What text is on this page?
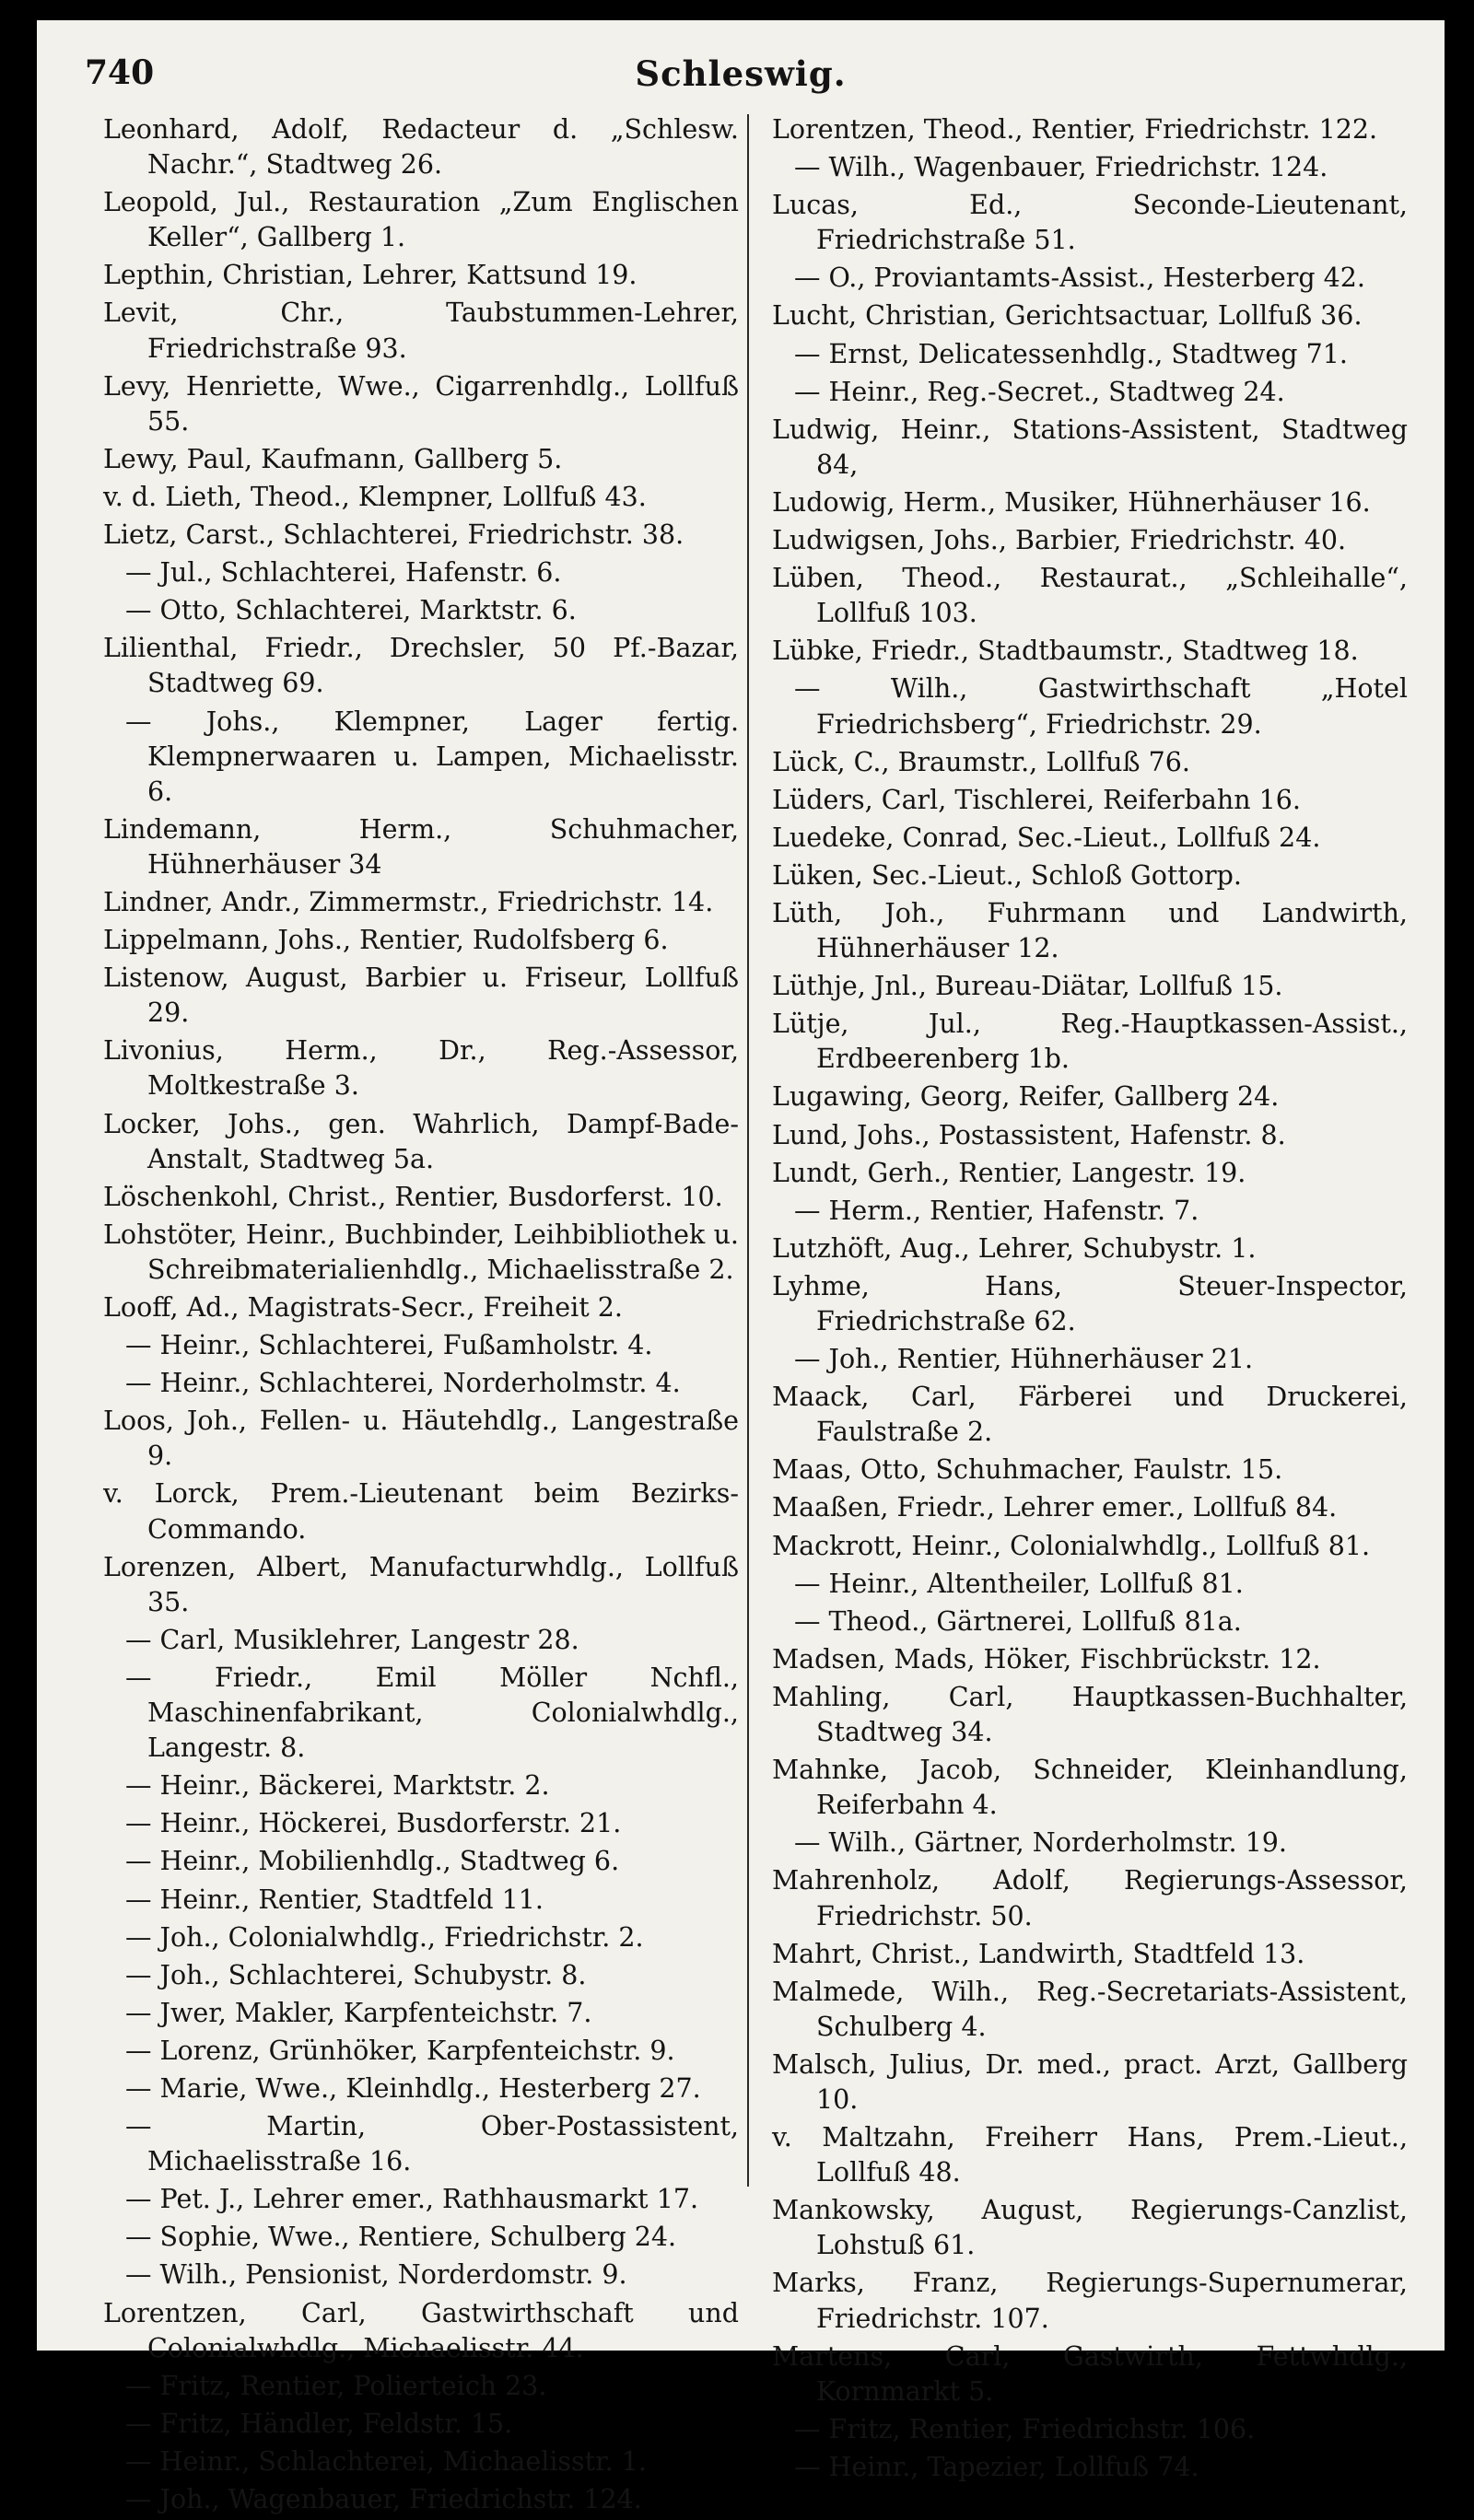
740	Schleswig.
Leonhard, Adolf, Redacteur d. „Schlesw. Nachr.“, Stadtweg 26.
Leopold, Jul., Restauration „Zum Englischen Keller“, Gallberg 1.
Lepthin, Christian, Lehrer, Kattsund 19.
Levit, Chr., Taubstummen-Lehrer, Friedrichstraße 93.
Levy, Henriette, Wwe., Cigarrenhdlg., Lollfuß 55.
Lewy, Paul, Kaufmann, Gallberg 5.
v. d. Lieth, Theod., Klempner, Lollfuß 43.
Lietz, Carst., Schlachterei, Friedrichstr. 38.
— Jul., Schlachterei, Hafenstr. 6.
— Otto, Schlachterei, Marktstr. 6.
Lilienthal, Friedr., Drechsler, 50 Pf.-Bazar, Stadtweg 69.
— Johs., Klempner, Lager fertig. Klempnerwaaren u. Lampen, Michaelisstr. 6.
Lindemann, Herm., Schuhmacher, Hühnerhäuser 34
Lindner, Andr., Zimmermstr., Friedrichstr. 14.
Lippelmann, Johs., Rentier, Rudolfsberg 6.
Listenow, August, Barbier u. Friseur, Lollfuß 29.
Livonius, Herm., Dr., Reg.-Assessor, Moltkestraße 3.
Locker, Johs., gen. Wahrlich, Dampf-Bade-Anstalt, Stadtweg 5a.
Löschenkohl, Christ., Rentier, Busdorferst. 10.
Lohstöter, Heinr., Buchbinder, Leihbibliothek u. Schreibmaterialienhdlg., Michaelisstraße 2.
Looff, Ad., Magistrats-Secr., Freiheit 2.
— Heinr., Schlachterei, Fußamholstr. 4.
— Heinr., Schlachterei, Norderholmstr. 4.
Loos, Joh., Fellen- u. Häutehdlg., Langestraße 9.
v. Lorck, Prem.-Lieutenant beim Bezirks-Commando.
Lorenzen, Albert, Manufacturwhdlg., Lollfuß 35.
— Carl, Musiklehrer, Langestr 28.
— Friedr., Emil Möller Nchfl., Maschinenfabrikant, Colonialwhdlg., Langestr. 8.
— Heinr., Bäckerei, Marktstr. 2.
— Heinr., Höckerei, Busdorferstr. 21.
— Heinr., Mobilienhdlg., Stadtweg 6.
— Heinr., Rentier, Stadtfeld 11.
— Joh., Colonialwhdlg., Friedrichstr. 2.
— Joh., Schlachterei, Schubystr. 8.
— Jwer, Makler, Karpfenteichstr. 7.
— Lorenz, Grünhöker, Karpfenteichstr. 9.
— Marie, Wwe., Kleinhdlg., Hesterberg 27.
— Martin, Ober-Postassistent, Michaelisstraße 16.
— Pet. J., Lehrer emer., Rathhausmarkt 17.
— Sophie, Wwe., Rentiere, Schulberg 24.
— Wilh., Pensionist, Norderdomstr. 9.
Lorentzen, Carl, Gastwirthschaft und Colonialwhdlg., Michaelisstr. 44.
— Fritz, Rentier, Polierteich 23.
— Fritz, Händler, Feldstr. 15.
— Heinr., Schlachterei, Michaelisstr. 1.
— Joh., Wagenbauer, Friedrichstr. 124.
Lorentzen, Theod., Rentier, Friedrichstr. 122.
— Wilh., Wagenbauer, Friedrichstr. 124.
Lucas, Ed., Seconde-Lieutenant, Friedrichstraße 51.
— O., Proviantamts-Assist., Hesterberg 42.
Lucht, Christian, Gerichtsactuar, Lollfuß 36.
— Ernst, Delicatessenhdlg., Stadtweg 71.
— Heinr., Reg.-Secret., Stadtweg 24.
Ludwig, Heinr., Stations-Assistent, Stadtweg 84,
Ludowig, Herm., Musiker, Hühnerhäuser 16.
Ludwigsen, Johs., Barbier, Friedrichstr. 40.
Lüben, Theod., Restaurat., „Schleihalle“, Lollfuß 103.
Lübke, Friedr., Stadtbaumstr., Stadtweg 18.
— Wilh., Gastwirthschaft „Hotel Friedrichsberg“, Friedrichstr. 29.
Lück, C., Braumstr., Lollfuß 76.
Lüders, Carl, Tischlerei, Reiferbahn 16.
Luedeke, Conrad, Sec.-Lieut., Lollfuß 24.
Lüken, Sec.-Lieut., Schloß Gottorp.
Lüth, Joh., Fuhrmann und Landwirth, Hühnerhäuser 12.
Lüthje, Jnl., Bureau-Diätar, Lollfuß 15.
Lütje, Jul., Reg.-Hauptkassen-Assist., Erdbeerenberg 1b.
Lugawing, Georg, Reifer, Gallberg 24.
Lund, Johs., Postassistent, Hafenstr. 8.
Lundt, Gerh., Rentier, Langestr. 19.
— Herm., Rentier, Hafenstr. 7.
Lutzhöft, Aug., Lehrer, Schubystr. 1.
Lyhme, Hans, Steuer-Inspector, Friedrichstraße 62.
— Joh., Rentier, Hühnerhäuser 21.
Maack, Carl, Färberei und Druckerei, Faulstraße 2.
Maas, Otto, Schuhmacher, Faulstr. 15.
Maaßen, Friedr., Lehrer emer., Lollfuß 84.
Mackrott, Heinr., Colonialwhdlg., Lollfuß 81.
— Heinr., Altentheiler, Lollfuß 81.
— Theod., Gärtnerei, Lollfuß 81a.
Madsen, Mads, Höker, Fischbrückstr. 12.
Mahling, Carl, Hauptkassen-Buchhalter, Stadtweg 34.
Mahnke, Jacob, Schneider, Kleinhandlung, Reiferbahn 4.
— Wilh., Gärtner, Norderholmstr. 19.
Mahrenholz, Adolf, Regierungs-Assessor, Friedrichstr. 50.
Mahrt, Christ., Landwirth, Stadtfeld 13.
Malmede, Wilh., Reg.-Secretariats-Assistent, Schulberg 4.
Malsch, Julius, Dr. med., pract. Arzt, Gallberg 10.
v. Maltzahn, Freiherr Hans, Prem.-Lieut., Lollfuß 48.
Mankowsky, August, Regierungs-Canzlist, Lohstuß 61.
Marks, Franz, Regierungs-Supernumerar, Friedrichstr. 107.
Martens, Carl, Gastwirth, Fettwhdlg., Kornmarkt 5.
— Fritz, Rentier, Friedrichstr. 106.
— Heinr., Tapezier, Lollfuß 74.
